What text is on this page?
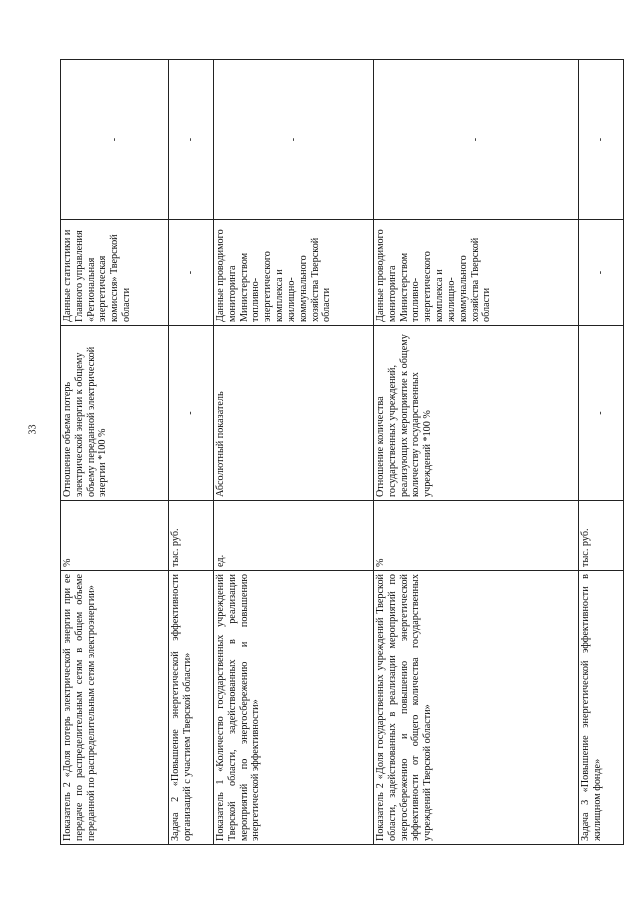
33
Показатель 2 «Доля потерь электрической энергии при ее передаче по распределительным сетям в общем объеме переданной по распределительным сетям электроэнергии»	%	Отношение объема потерь электрической энергии к общему объему переданной электрической энергии *100 %	Данные статистики и Главного управления «Региональная энергетическая комиссия» Тверской области	-
Задача 2 «Повышение энергетической эффективности организаций с участием Тверской области»	тыс. руб.	-	-	-
Показатель 1 «Количество государственных учреждений Тверской области, задействованных в реализации мероприятий по энергосбережению и повышению энергетической эффективности»	ед.	Абсолютный показатель	Данные проводимого мониторинга Министерством топливно-энергетического комплекса и жилищно-коммунального хозяйства Тверской области	-
Показатель 2 «Доля государственных учреждений Тверской области, задействованных в реализации мероприятий по энергосбережению и повышению энергетической эффективности от общего количества государственных учреждений Тверской области»	%	Отношение количества государственных учреждений, реализующих мероприятие к общему количеству государственных учреждений *100 %	Данные проводимого мониторинга Министерством топливно-энергетического комплекса и жилищно-коммунального хозяйства Тверской области	-
Задача 3 «Повышение энергетической эффективности в жилищном фонде»	тыс. руб.	-	-	-
